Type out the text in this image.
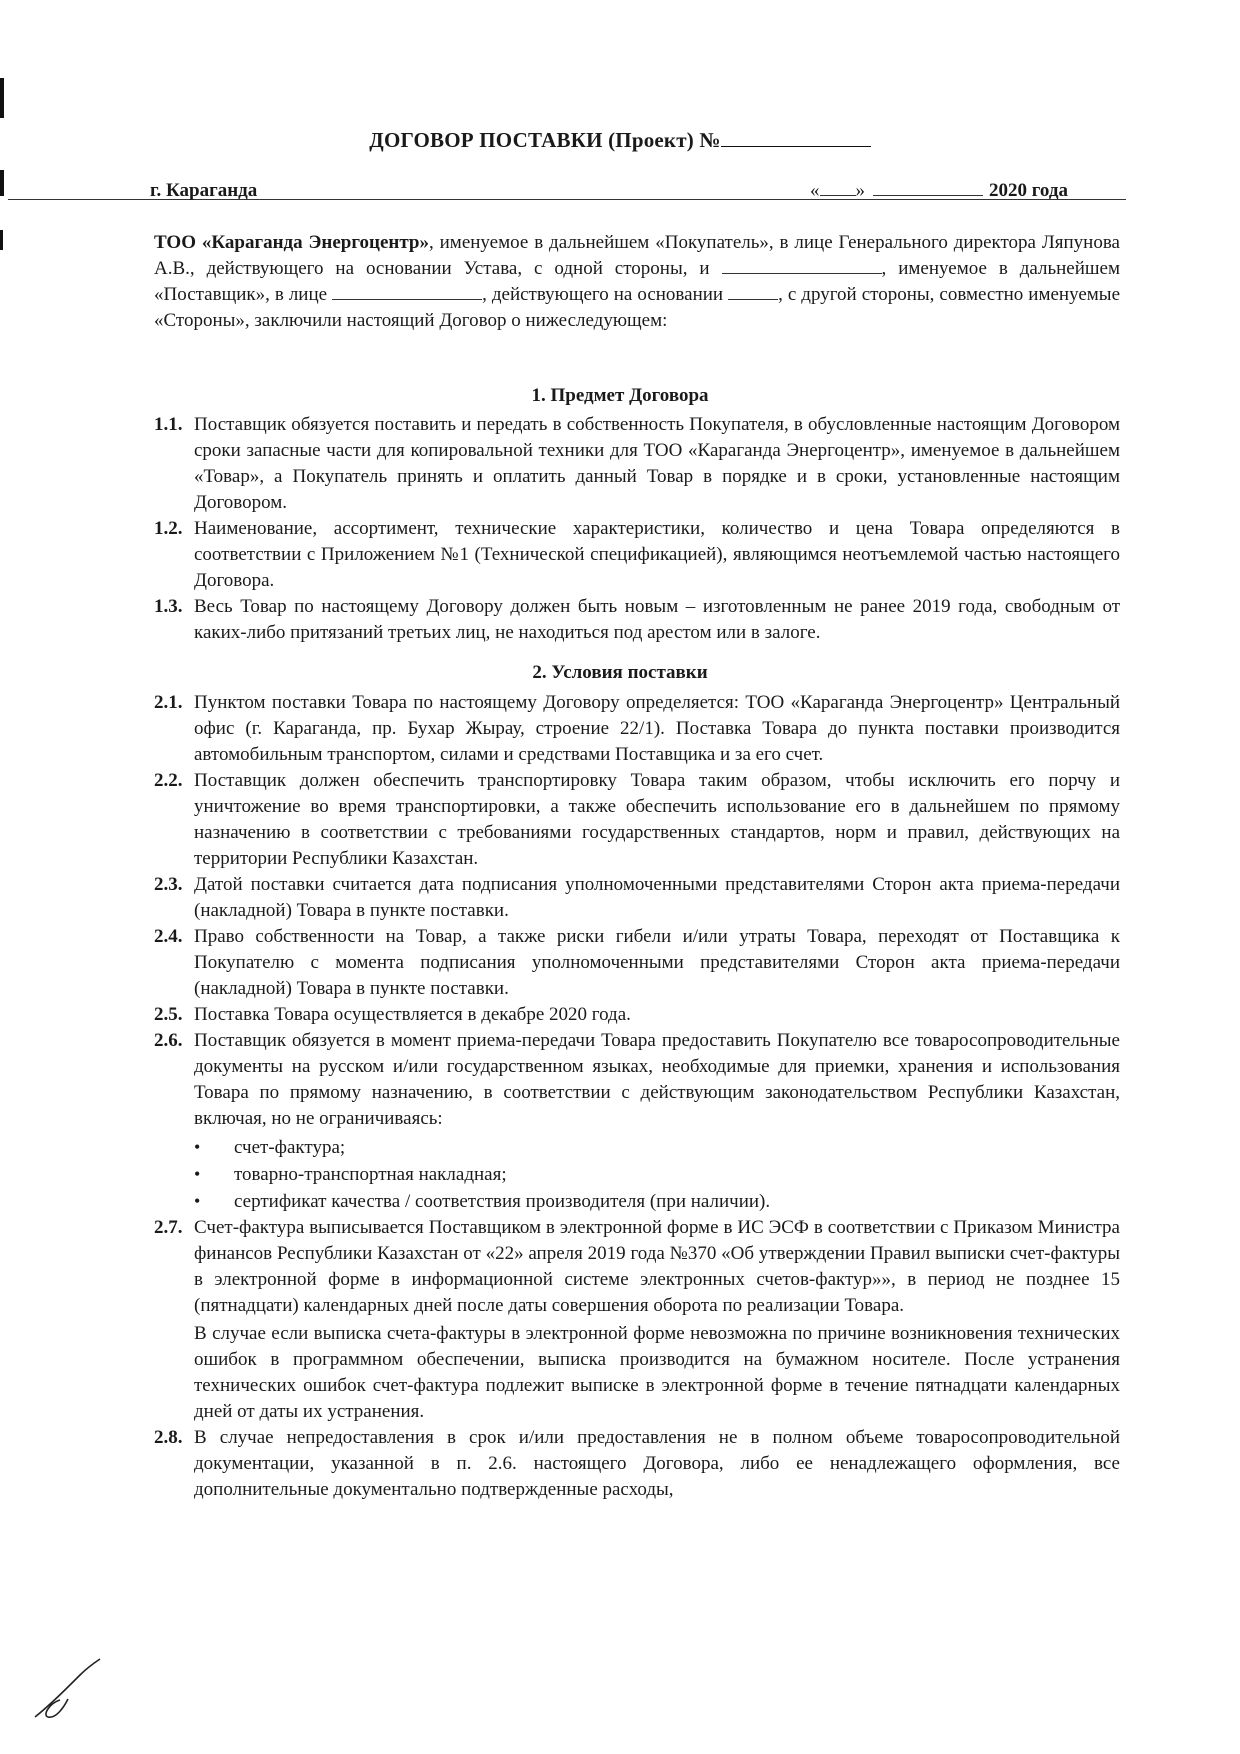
ДОГОВОР ПОСТАВКИ (Проект) №
г. Караганда	« »	2020 года
ТОО «Караганда Энергоцентр», именуемое в дальнейшем «Покупатель», в лице Генерального директора Ляпунова А.В., действующего на основании Устава, с одной стороны, и	, именуемое в дальнейшем «Поставщик», в лице	, действующего на основании	, с другой стороны, совместно именуемые «Стороны», заключили настоящий Договор о нижеследующем:
1. Предмет Договора
1.1. Поставщик обязуется поставить и передать в собственность Покупателя, в обусловленные настоящим Договором сроки запасные части для копировальной техники для ТОО «Караганда Энергоцентр», именуемое в дальнейшем «Товар», а Покупатель принять и оплатить данный Товар в порядке и в сроки, установленные настоящим Договором.
1.2. Наименование, ассортимент, технические характеристики, количество и цена Товара определяются в соответствии с Приложением №1 (Технической спецификацией), являющимся неотъемлемой частью настоящего Договора.
1.3. Весь Товар по настоящему Договору должен быть новым – изготовленным не ранее 2019 года, свободным от каких-либо притязаний третьих лиц, не находиться под арестом или в залоге.
2. Условия поставки
2.1. Пунктом поставки Товара по настоящему Договору определяется: ТОО «Караганда Энергоцентр» Центральный офис (г. Караганда, пр. Бухар Жырау, строение 22/1). Поставка Товара до пункта поставки производится автомобильным транспортом, силами и средствами Поставщика и за его счет.
2.2. Поставщик должен обеспечить транспортировку Товара таким образом, чтобы исключить его порчу и уничтожение во время транспортировки, а также обеспечить использование его в дальнейшем по прямому назначению в соответствии с требованиями государственных стандартов, норм и правил, действующих на территории Республики Казахстан.
2.3. Датой поставки считается дата подписания уполномоченными представителями Сторон акта приема-передачи (накладной) Товара в пункте поставки.
2.4. Право собственности на Товар, а также риски гибели и/или утраты Товара, переходят от Поставщика к Покупателю с момента подписания уполномоченными представителями Сторон акта приема-передачи (накладной) Товара в пункте поставки.
2.5. Поставка Товара осуществляется в декабре 2020 года.
2.6. Поставщик обязуется в момент приема-передачи Товара предоставить Покупателю все товаросопроводительные документы на русском и/или государственном языках, необходимые для приемки, хранения и использования Товара по прямому назначению, в соответствии с действующим законодательством Республики Казахстан, включая, но не ограничиваясь:
• счет-фактура;
• товарно-транспортная накладная;
• сертификат качества / соответствия производителя (при наличии).
2.7. Счет-фактура выписывается Поставщиком в электронной форме в ИС ЭСФ в соответствии с Приказом Министра финансов Республики Казахстан от «22» апреля 2019 года №370 «Об утверждении Правил выписки счет-фактуры в электронной форме в информационной системе электронных счетов-фактур»», в период не позднее 15 (пятнадцати) календарных дней после даты совершения оборота по реализации Товара.
В случае если выписка счета-фактуры в электронной форме невозможна по причине возникновения технических ошибок в программном обеспечении, выписка производится на бумажном носителе. После устранения технических ошибок счет-фактура подлежит выписке в электронной форме в течение пятнадцати календарных дней от даты их устранения.
2.8. В случае непредоставления в срок и/или предоставления не в полном объеме товаросопроводительной документации, указанной в п. 2.6. настоящего Договора, либо ее ненадлежащего оформления, все дополнительные документально подтвержденные расходы,
